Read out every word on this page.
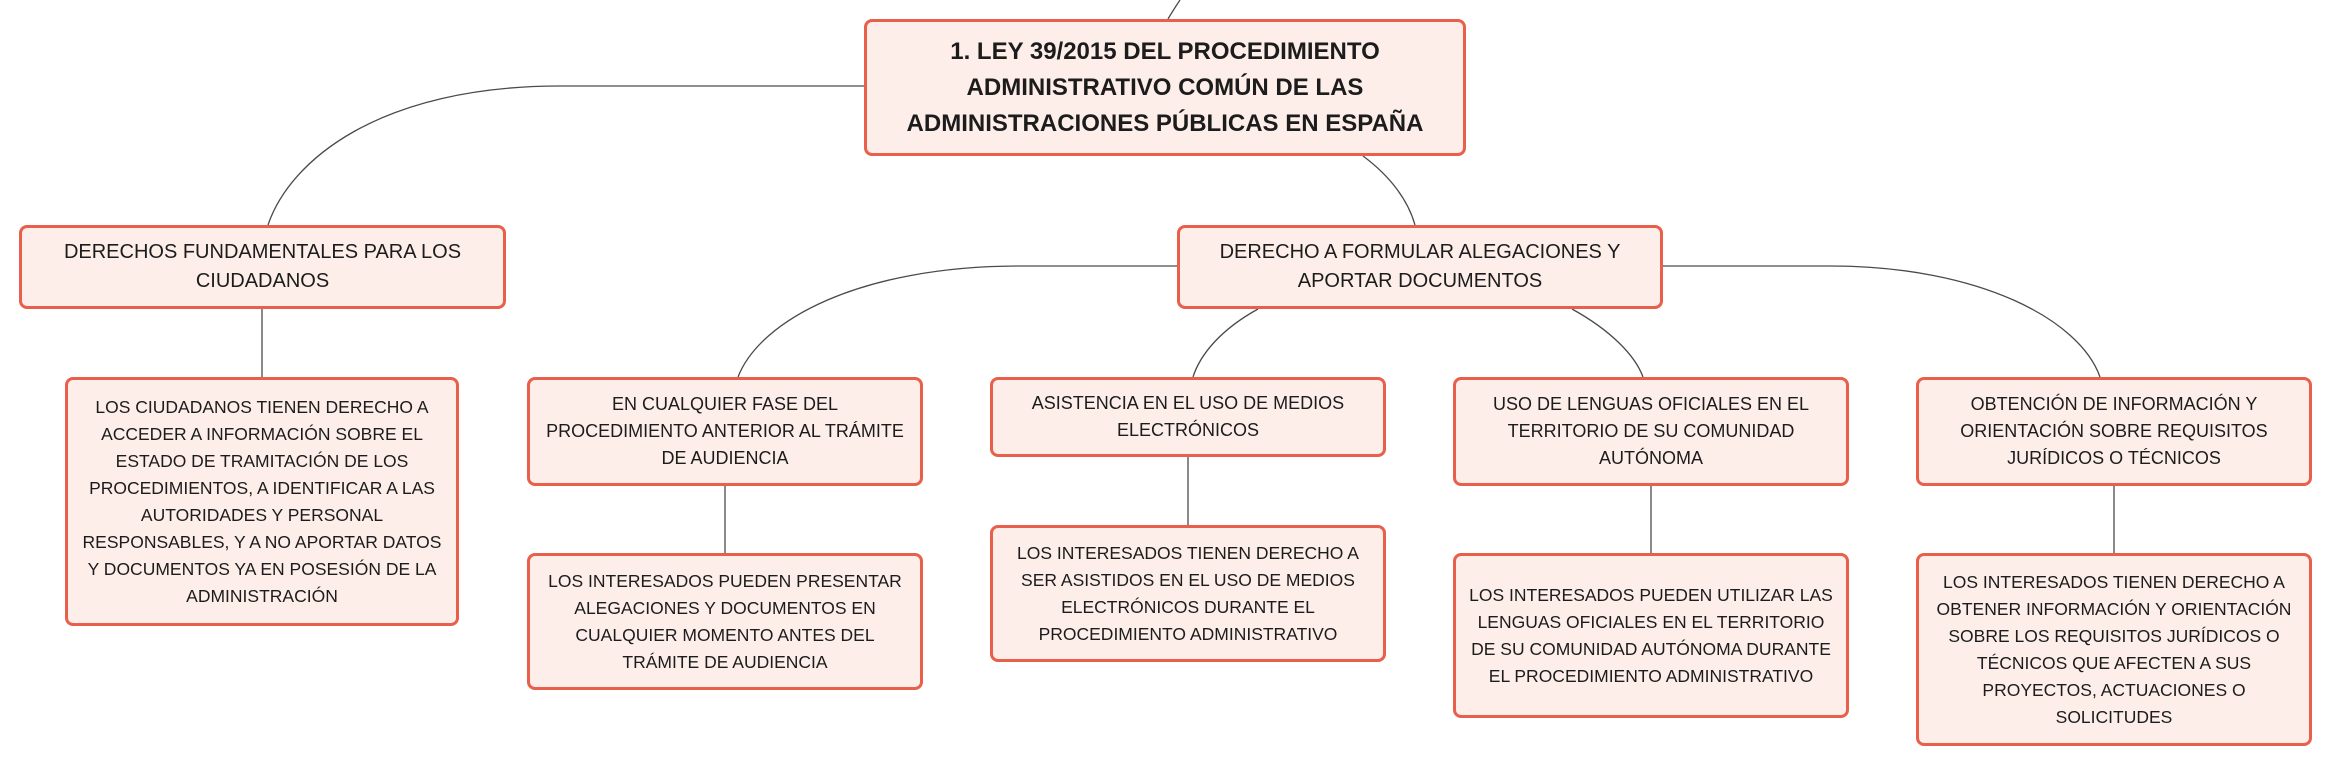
1. LEY 39/2015 DEL PROCEDIMIENTO ADMINISTRATIVO COMÚN DE LAS ADMINISTRACIONES PÚBLICAS EN ESPAÑA
DERECHOS FUNDAMENTALES PARA LOS CIUDADANOS
DERECHO A FORMULAR ALEGACIONES Y APORTAR DOCUMENTOS
LOS CIUDADANOS TIENEN DERECHO A ACCEDER A INFORMACIÓN SOBRE EL ESTADO DE TRAMITACIÓN DE LOS PROCEDIMIENTOS, A IDENTIFICAR A LAS AUTORIDADES Y PERSONAL RESPONSABLES, Y A NO APORTAR DATOS Y DOCUMENTOS YA EN POSESIÓN DE LA ADMINISTRACIÓN
EN CUALQUIER FASE DEL PROCEDIMIENTO ANTERIOR AL TRÁMITE DE AUDIENCIA
ASISTENCIA EN EL USO DE MEDIOS ELECTRÓNICOS
USO DE LENGUAS OFICIALES EN EL TERRITORIO DE SU COMUNIDAD AUTÓNOMA
OBTENCIÓN DE INFORMACIÓN Y ORIENTACIÓN SOBRE REQUISITOS JURÍDICOS O TÉCNICOS
LOS INTERESADOS PUEDEN PRESENTAR ALEGACIONES Y DOCUMENTOS EN CUALQUIER MOMENTO ANTES DEL TRÁMITE DE AUDIENCIA
LOS INTERESADOS TIENEN DERECHO A SER ASISTIDOS EN EL USO DE MEDIOS ELECTRÓNICOS DURANTE EL PROCEDIMIENTO ADMINISTRATIVO
LOS INTERESADOS PUEDEN UTILIZAR LAS LENGUAS OFICIALES EN EL TERRITORIO DE SU COMUNIDAD AUTÓNOMA DURANTE EL PROCEDIMIENTO ADMINISTRATIVO
LOS INTERESADOS TIENEN DERECHO A OBTENER INFORMACIÓN Y ORIENTACIÓN SOBRE LOS REQUISITOS JURÍDICOS O TÉCNICOS QUE AFECTEN A SUS PROYECTOS, ACTUACIONES O SOLICITUDES
